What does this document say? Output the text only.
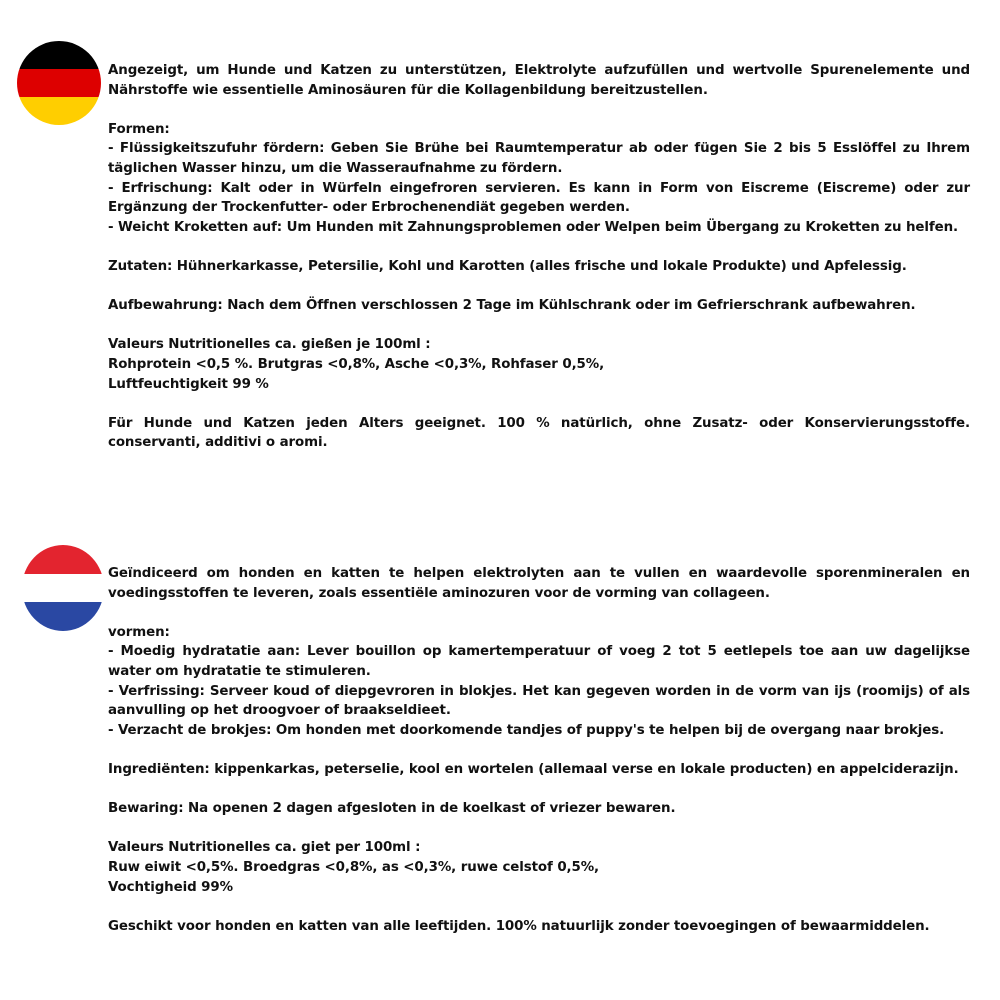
Angezeigt, um Hunde und Katzen zu unterstützen, Elektrolyte aufzufüllen und wertvolle Spurenelemente und Nährstoffe wie essentielle Aminosäuren für die Kollagenbildung bereitzustellen.

Formen:

- Flüssigkeitszufuhr fördern: Geben Sie Brühe bei Raumtemperatur ab oder fügen Sie 2 bis 5 Esslöffel zu Ihrem täglichen Wasser hinzu, um die Wasseraufnahme zu fördern.

- Erfrischung: Kalt oder in Würfeln eingefroren servieren. Es kann in Form von Eiscreme (Eiscreme) oder zur Ergänzung der Trockenfutter- oder Erbrochenendiät gegeben werden.

- Weicht Kroketten auf: Um Hunden mit Zahnungsproblemen oder Welpen beim Übergang zu Kroketten zu helfen.

Zutaten: Hühnerkarkasse, Petersilie, Kohl und Karotten (alles frische und lokale Produkte) und Apfelessig.

Aufbewahrung: Nach dem Öffnen verschlossen 2 Tage im Kühlschrank oder im Gefrierschrank aufbewahren.

Valeurs Nutritionelles ca. gießen je 100ml :

Rohprotein <0,5 %. Brutgras <0,8%, Asche <0,3%, Rohfaser 0,5%,

Luftfeuchtigkeit 99 %

Für Hunde und Katzen jeden Alters geeignet. 100 % natürlich, ohne Zusatz- oder Konservierungsstoffe. conservanti, additivi o aromi.

Geïndiceerd om honden en katten te helpen elektrolyten aan te vullen en waardevolle sporenmineralen en voedingsstoffen te leveren, zoals essentiële aminozuren voor de vorming van collageen.

vormen:

- Moedig hydratatie aan: Lever bouillon op kamertemperatuur of voeg 2 tot 5 eetlepels toe aan uw dagelijkse water om hydratatie te stimuleren.

- Verfrissing: Serveer koud of diepgevroren in blokjes. Het kan gegeven worden in de vorm van ijs (roomijs) of als aanvulling op het droogvoer of braakseldieet.

- Verzacht de brokjes: Om honden met doorkomende tandjes of puppy's te helpen bij de overgang naar brokjes.

Ingrediënten: kippenkarkas, peterselie, kool en wortelen (allemaal verse en lokale producten) en appelciderazijn.

Bewaring: Na openen 2 dagen afgesloten in de koelkast of vriezer bewaren.

Valeurs Nutritionelles ca. giet per 100ml :

Ruw eiwit <0,5%. Broedgras <0,8%, as <0,3%, ruwe celstof 0,5%,

Vochtigheid 99%

Geschikt voor honden en katten van alle leeftijden. 100% natuurlijk zonder toevoegingen of bewaarmiddelen.
